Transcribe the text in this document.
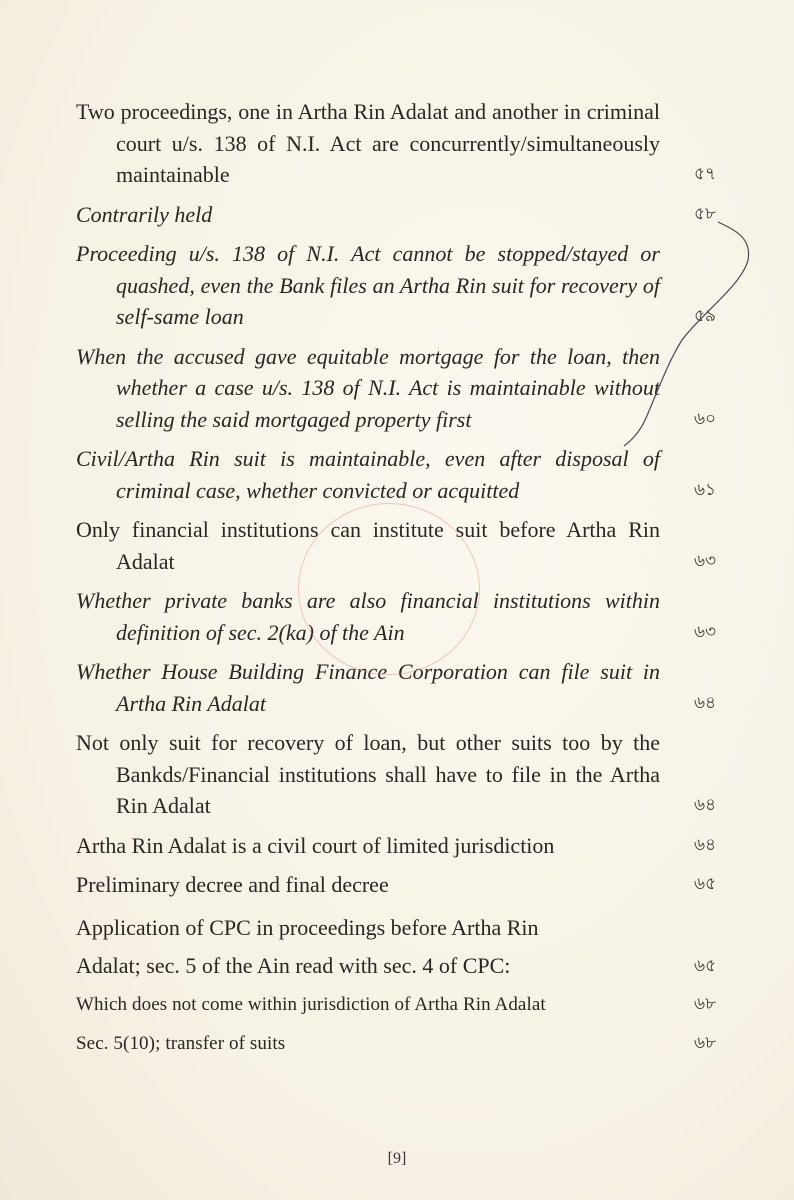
Two proceedings, one in Artha Rin Adalat and another in criminal court u/s. 138 of N.I. Act are concurrently/simultaneously maintainable	৫৭
Contrarily held	৫৮
Proceeding u/s. 138 of N.I. Act cannot be stopped/stayed or quashed, even the Bank files an Artha Rin suit for recovery of self-same loan	৫৯
When the accused gave equitable mortgage for the loan, then whether a case u/s. 138 of N.I. Act is maintainable without selling the said mortgaged property first	৬০
Civil/Artha Rin suit is maintainable, even after disposal of criminal case, whether convicted or acquitted	৬১
Only financial institutions can institute suit before Artha Rin Adalat	৬৩
Whether private banks are also financial institutions within definition of sec. 2(ka) of the Ain	৬৩
Whether House Building Finance Corporation can file suit in Artha Rin Adalat	৬৪
Not only suit for recovery of loan, but other suits too by the Bankds/Financial institutions shall have to file in the Artha Rin Adalat	৬৪
Artha Rin Adalat is a civil court of limited jurisdiction	৬৪
Preliminary decree and final decree	৬৫
Application of CPC in proceedings before Artha Rin
Adalat; sec. 5 of the Ain read with sec. 4 of CPC:	৬৫
Which does not come within jurisdiction of Artha Rin Adalat	৬৮
Sec. 5(10); transfer of suits	৬৮
[9]
